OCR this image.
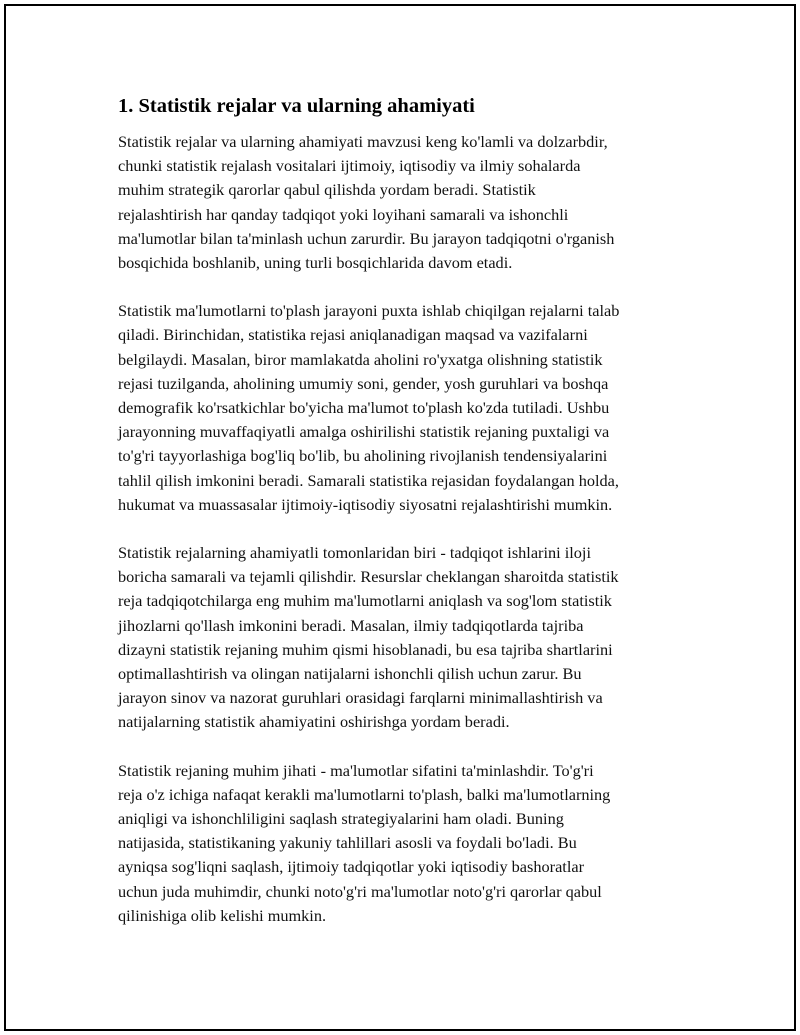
1. Statistik rejalar va ularning ahamiyati

Statistik rejalar va ularning ahamiyati mavzusi keng ko'lamli va dolzarbdir,
chunki statistik rejalash vositalari ijtimoiy, iqtisodiy va ilmiy sohalarda
muhim strategik qarorlar qabul qilishda yordam beradi. Statistik
rejalashtirish har qanday tadqiqot yoki loyihani samarali va ishonchli
ma'lumotlar bilan ta'minlash uchun zarurdir. Bu jarayon tadqiqotni o'rganish
bosqichida boshlanib, uning turli bosqichlarida davom etadi.

Statistik ma'lumotlarni to'plash jarayoni puxta ishlab chiqilgan rejalarni talab
qiladi. Birinchidan, statistika rejasi aniqlanadigan maqsad va vazifalarni
belgilaydi. Masalan, biror mamlakatda aholini ro'yxatga olishning statistik
rejasi tuzilganda, aholining umumiy soni, gender, yosh guruhlari va boshqa
demografik ko'rsatkichlar bo'yicha ma'lumot to'plash ko'zda tutiladi. Ushbu
jarayonning muvaffaqiyatli amalga oshirilishi statistik rejaning puxtaligi va
to'g'ri tayyorlashiga bog'liq bo'lib, bu aholining rivojlanish tendensiyalarini
tahlil qilish imkonini beradi. Samarali statistika rejasidan foydalangan holda,
hukumat va muassasalar ijtimoiy-iqtisodiy siyosatni rejalashtirishi mumkin.

Statistik rejalarning ahamiyatli tomonlaridan biri - tadqiqot ishlarini iloji
boricha samarali va tejamli qilishdir. Resurslar cheklangan sharoitda statistik
reja tadqiqotchilarga eng muhim ma'lumotlarni aniqlash va sog'lom statistik
jihozlarni qo'llash imkonini beradi. Masalan, ilmiy tadqiqotlarda tajriba
dizayni statistik rejaning muhim qismi hisoblanadi, bu esa tajriba shartlarini
optimallashtirish va olingan natijalarni ishonchli qilish uchun zarur. Bu
jarayon sinov va nazorat guruhlari orasidagi farqlarni minimallashtirish va
natijalarning statistik ahamiyatini oshirishga yordam beradi.

Statistik rejaning muhim jihati - ma'lumotlar sifatini ta'minlashdir. To'g'ri
reja o'z ichiga nafaqat kerakli ma'lumotlarni to'plash, balki ma'lumotlarning
aniqligi va ishonchliligini saqlash strategiyalarini ham oladi. Buning
natijasida, statistikaning yakuniy tahlillari asosli va foydali bo'ladi. Bu
ayniqsa sog'liqni saqlash, ijtimoiy tadqiqotlar yoki iqtisodiy bashoratlar
uchun juda muhimdir, chunki noto'g'ri ma'lumotlar noto'g'ri qarorlar qabul
qilinishiga olib kelishi mumkin.
